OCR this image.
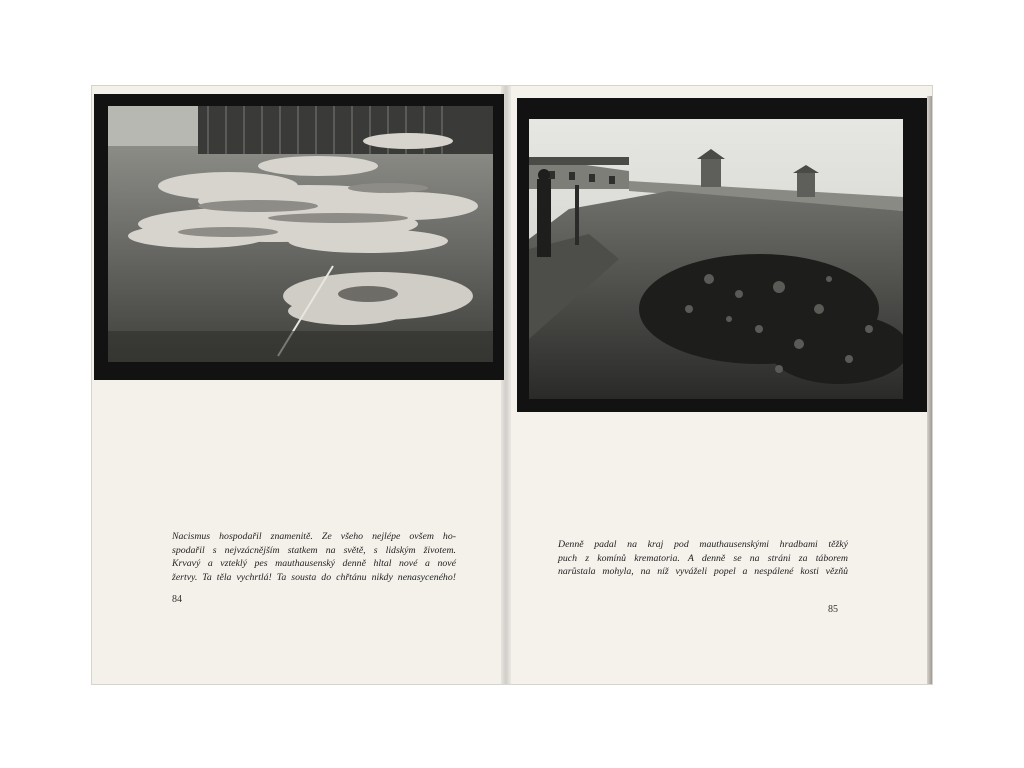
Nacismus hospodařil znamenitě. Ze všeho nejlépe ovšem ho-

spodařil s nejvzácnějším statkem na světě, s lidským životem.

Krvavý a vzteklý pes mauthausenský denně hltal nové a nové

žertvy. Ta těla vychrtlá! Ta sousta do chřtánu nikdy nenasyceného!

84

Denně padal na kraj pod mauthausenskými hradbami těžký

puch z komínů krematoria. A denně se na stráni za táborem

narůstala mohyla, na níž vyváželi popel a nespálené kosti vězňů

85
